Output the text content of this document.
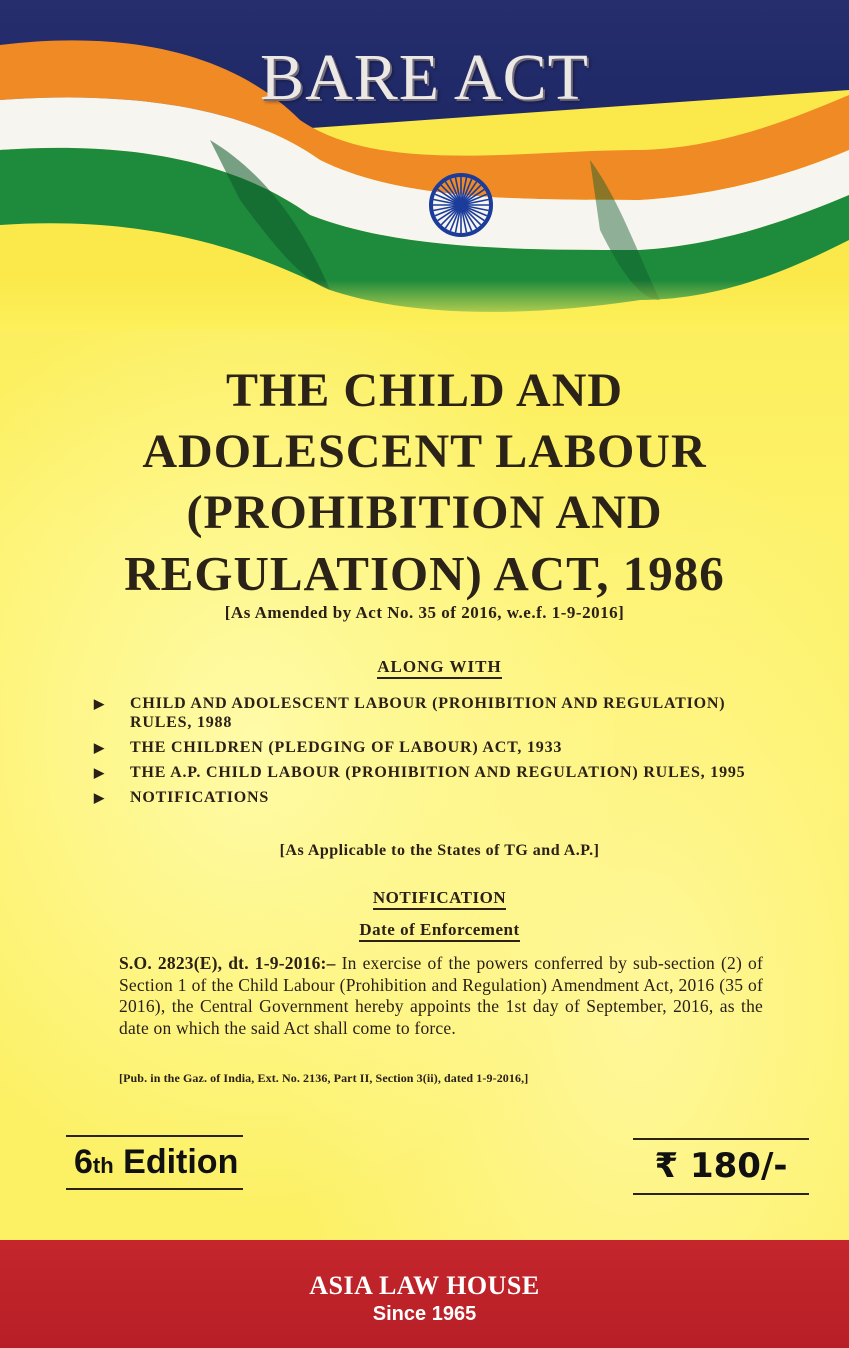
BARE ACT
THE CHILD AND
ADOLESCENT LABOUR
(PROHIBITION AND
REGULATION) ACT, 1986
[As Amended by Act No. 35 of 2016, w.e.f. 1-9-2016]
ALONG WITH
▶ CHILD AND ADOLESCENT LABOUR (PROHIBITION AND REGULATION) RULES, 1988
▶ THE CHILDREN (PLEDGING OF LABOUR) ACT, 1933
▶ THE A.P. CHILD LABOUR (PROHIBITION AND REGULATION) RULES, 1995
▶ NOTIFICATIONS
[As Applicable to the States of TG and A.P.]
NOTIFICATION
Date of Enforcement
S.O. 2823(E), dt. 1-9-2016:– In exercise of the powers conferred by sub-section (2) of Section 1 of the Child Labour (Prohibition and Regulation) Amendment Act, 2016 (35 of 2016), the Central Government hereby appoints the 1st day of September, 2016, as the date on which the said Act shall come to force.
[Pub. in the Gaz. of India, Ext. No. 2136, Part II, Section 3(ii), dated 1-9-2016,]
6th Edition	₹ 180/-
ASIA LAW HOUSE
Since 1965
